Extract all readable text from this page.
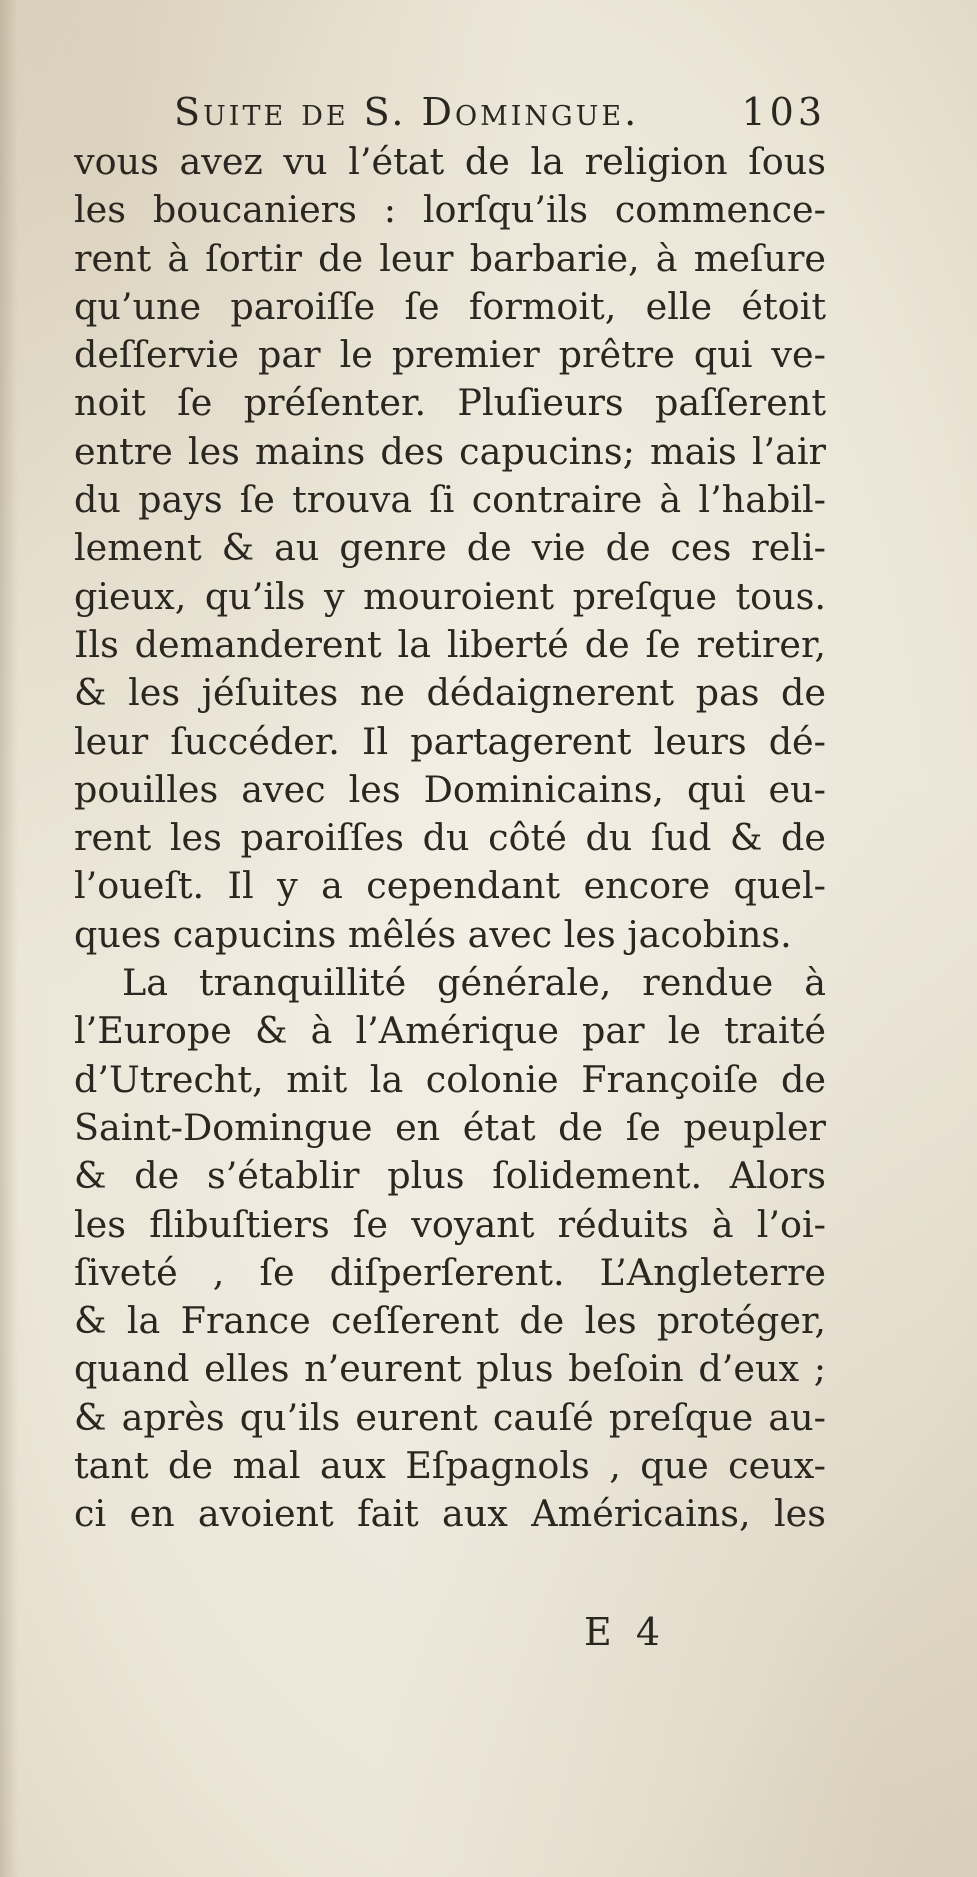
Suite de S. Domingue.	103
vous avez vu l’état de la religion ſous
les boucaniers : lorſqu’ils commence-
rent à ſortir de leur barbarie, à meſure
qu’une paroiſſe ſe formoit, elle étoit
deſſervie par le premier prêtre qui ve-
noit ſe préſenter. Pluſieurs paſſerent
entre les mains des capucins; mais l’air
du pays ſe trouva ſi contraire à l’habil-
lement & au genre de vie de ces reli-
gieux, qu’ils y mouroient preſque tous.
Ils demanderent la liberté de ſe retirer,
& les jéſuites ne dédaignerent pas de
leur ſuccéder. Il partagerent leurs dé-
pouilles avec les Dominicains, qui eu-
rent les paroiſſes du côté du ſud & de
l’oueſt. Il y a cependant encore quel-
ques capucins mêlés avec les jacobins.
La tranquillité générale, rendue à
l’Europe & à l’Amérique par le traité
d’Utrecht, mit la colonie Françoiſe de
Saint-Domingue en état de ſe peupler
& de s’établir plus ſolidement. Alors
les flibuſtiers ſe voyant réduits à l’oi-
ſiveté , ſe diſperſerent. L’Angleterre
& la France ceſſerent de les protéger,
quand elles n’eurent plus beſoin d’eux ;
& après qu’ils eurent cauſé preſque au-
tant de mal aux Eſpagnols , que ceux-
ci en avoient fait aux Américains, les
E 4
